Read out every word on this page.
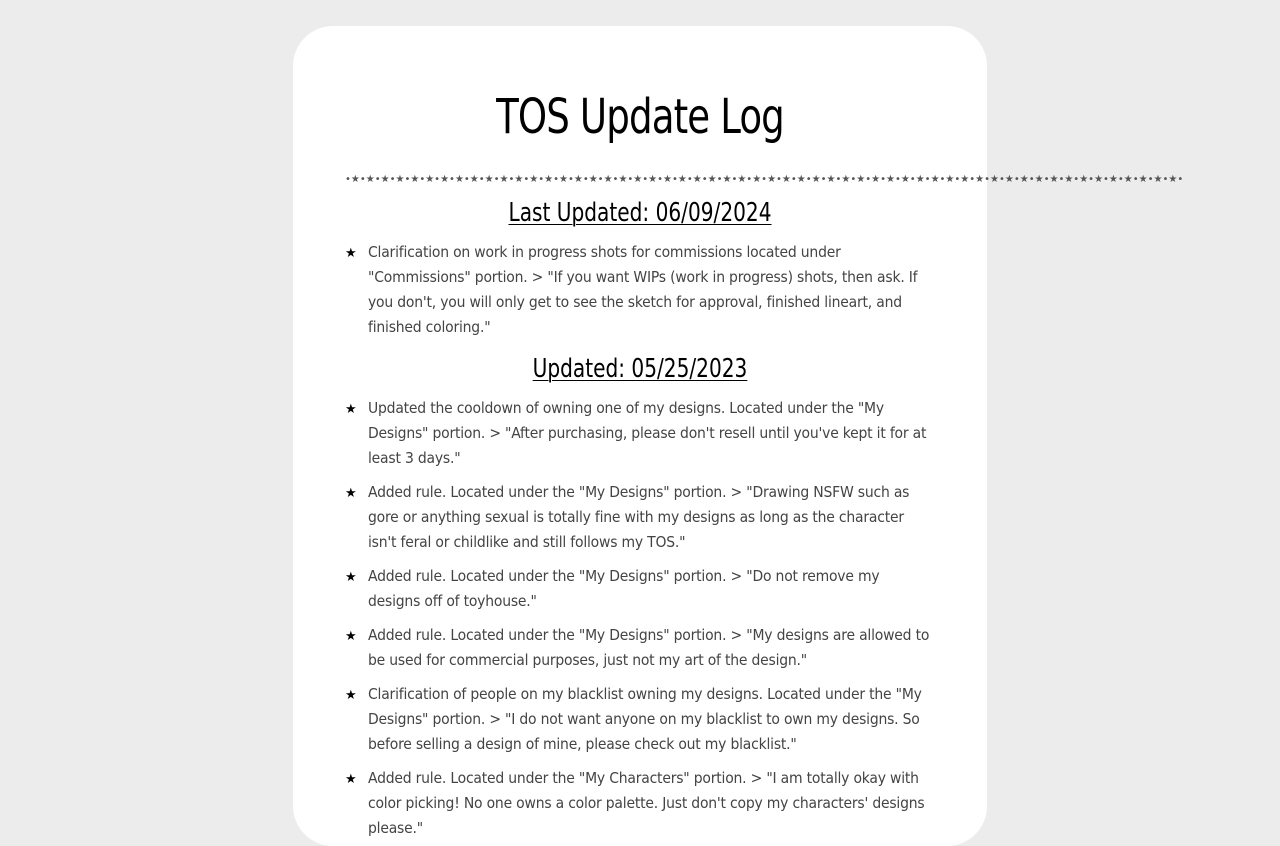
TOS Update Log
•★•★•★•★•★•★•★•★•★•★•★•★•★•★•★•★•★•★•★•★•★•★•★•★•★•★•★•★•★•★•★•★•★•★•★•★•★•★•★•★•★•★•★•★•★•★•★•★•★•★•★•★•★•★•★•★•
Last Updated: 06/09/2024
★ Clarification on work in progress shots for commissions located under "Commissions" portion. > "If you want WIPs (work in progress) shots, then ask. If you don't, you will only get to see the sketch for approval, finished lineart, and finished coloring."
Updated: 05/25/2023
★ Updated the cooldown of owning one of my designs. Located under the "My Designs" portion. > "After purchasing, please don't resell until you've kept it for at least 3 days."
★ Added rule. Located under the "My Designs" portion. > "Drawing NSFW such as gore or anything sexual is totally fine with my designs as long as the character isn't feral or childlike and still follows my TOS."
★ Added rule. Located under the "My Designs" portion. > "Do not remove my designs off of toyhouse."
★ Added rule. Located under the "My Designs" portion. > "My designs are allowed to be used for commercial purposes, just not my art of the design."
★ Clarification of people on my blacklist owning my designs. Located under the "My Designs" portion. > "I do not want anyone on my blacklist to own my designs. So before selling a design of mine, please check out my blacklist."
★ Added rule. Located under the "My Characters" portion. > "I am totally okay with color picking! No one owns a color palette. Just don't copy my characters' designs please."
